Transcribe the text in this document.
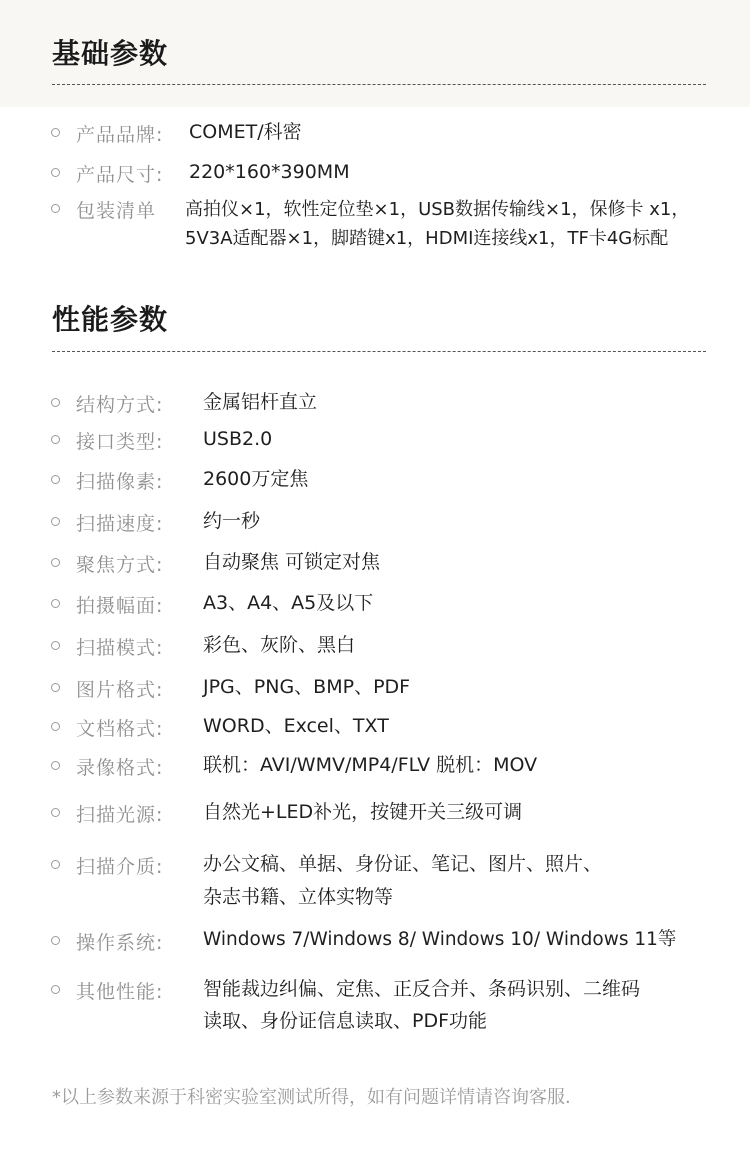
基础参数
产品品牌: COMET/科密
产品尺寸: 220*160*390MM
包装清单 高拍仪×1，软性定位垫×1，USB数据传输线×1，保修卡 x1，
5V3A适配器×1，脚踏键x1，HDMI连接线x1，TF卡4G标配
性能参数
结构方式: 金属铝杆直立
接口类型: USB2.0
扫描像素: 2600万定焦
扫描速度: 约一秒
聚焦方式: 自动聚焦 可锁定对焦
拍摄幅面: A3、A4、A5及以下
扫描模式: 彩色、灰阶、黑白
图片格式: JPG、PNG、BMP、PDF
文档格式: WORD、Excel、TXT
录像格式: 联机：AVI/WMV/MP4/FLV 脱机：MOV
扫描光源: 自然光+LED补光，按键开关三级可调
扫描介质: 办公文稿、单据、身份证、笔记、图片、照片、
杂志书籍、立体实物等
操作系统: Windows 7/Windows 8/ Windows 10/ Windows 11等
其他性能: 智能裁边纠偏、定焦、正反合并、条码识别、二维码
读取、身份证信息读取、PDF功能
*以上参数来源于科密实验室测试所得，如有问题详情请咨询客服.
